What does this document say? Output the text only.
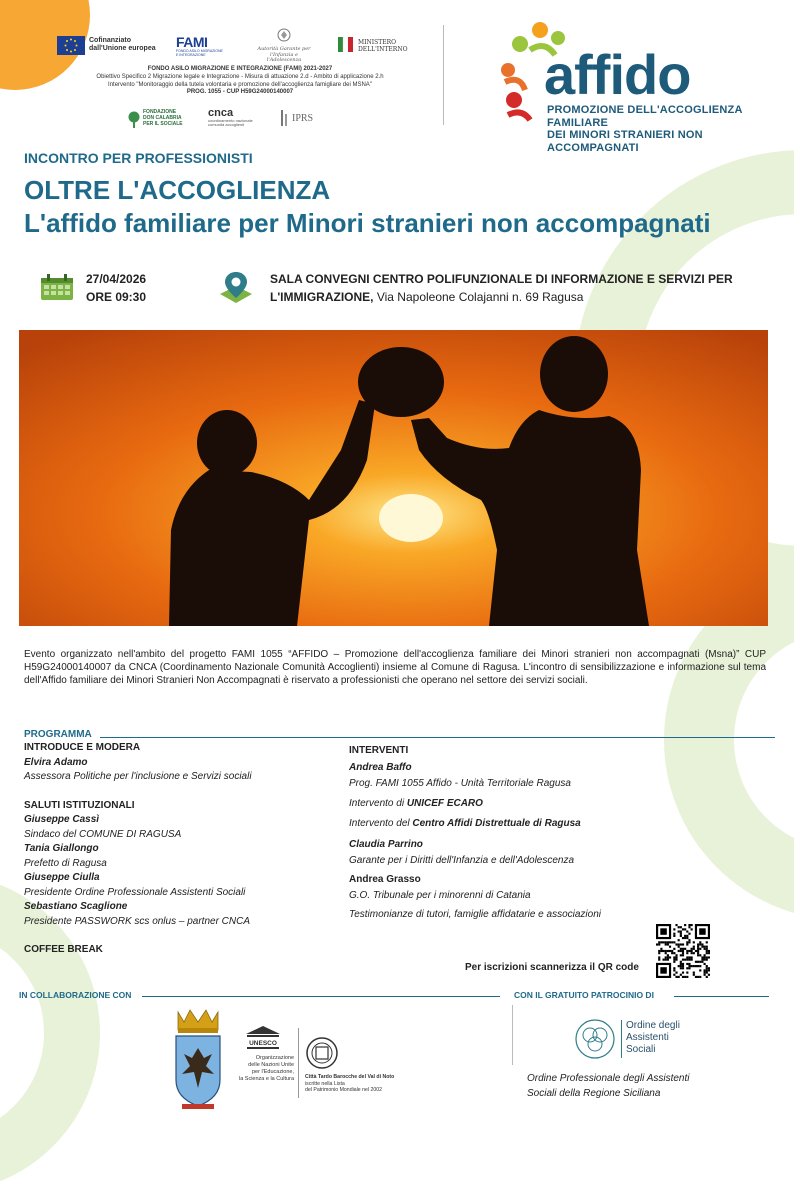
Cofinanziato dall'Unione europea FAMI
FONDO ASILO MIGRAZIONE E INTEGRAZIONE
Autorità Garante per l'Infanzia e l'Adolescenza
MINISTERO DELL'INTERNO
FONDO ASILO MIGRAZIONE E INTEGRAZIONE (FAMI) 2021-2027
Obiettivo Specifico 2 Migrazione legale e Integrazione - Misura di attuazione 2.d - Ambito di applicazione 2.h
Intervento "Monitoraggio della tutela volontaria e promozione dell'accoglienza famigliare dei MSNA"
PROG. 1055 - CUP H59G24000140007
FONDAZIONE DON CALABRIA PER IL SOCIALE
cnca
coordinamento nazionale comunità accoglienti
IPRS
affido
PROMOZIONE DELL'ACCOGLIENZA FAMILIARE
DEI MINORI STRANIERI NON ACCOMPAGNATI
INCONTRO PER PROFESSIONISTI
OLTRE L'ACCOGLIENZA
L'affido familiare per Minori stranieri non accompagnati
27/04/2026
ORE 09:30
SALA CONVEGNI CENTRO POLIFUNZIONALE DI INFORMAZIONE E SERVIZI PER
L'IMMIGRAZIONE, Via Napoleone Colajanni n. 69 Ragusa
Evento organizzato nell'ambito del progetto FAMI 1055 “AFFIDO – Promozione dell'accoglienza familiare dei Minori stranieri non accompagnati (Msna)” CUP H59G24000140007 da CNCA (Coordinamento Nazionale Comunità Accoglienti) insieme al Comune di Ragusa. L'incontro di sensibilizzazione e informazione sul tema dell'Affido familiare dei Minori Stranieri Non Accompagnati è riservato a professionisti che operano nel settore dei servizi sociali.
PROGRAMMA
INTRODUCE E MODERA
Elvira Adamo
Assessora Politiche per l'inclusione e Servizi sociali
SALUTI ISTITUZIONALI
Giuseppe Cassì
Sindaco del COMUNE DI RAGUSA
Tania Giallongo
Prefetto di Ragusa
Giuseppe Ciulla
Presidente Ordine Professionale Assistenti Sociali
Sebastiano Scaglione
Presidente PASSWORK scs onlus – partner CNCA
COFFEE BREAK
INTERVENTI
Andrea Baffo
Prog. FAMI 1055 Affido - Unità Territoriale Ragusa
Intervento di UNICEF ECARO
Intervento del Centro Affidi Distrettuale di Ragusa
Claudia Parrino
Garante per i Diritti dell'Infanzia e dell'Adolescenza
Andrea Grasso
G.O. Tribunale per i minorenni di Catania
Testimonianze di tutori, famiglie affidatarie e associazioni
Per iscrizioni scannerizza il QR code
IN COLLABORAZIONE CON	CON IL GRATUITO PATROCINIO DI
UNESCO
Organizzazione
delle Nazioni Unite
per l'Educazione,
la Scienza e la Cultura Città Tardo Barocche del Val di Noto
iscritte nella Lista
del Patrimonio Mondiale nel 2002
Ordine degli
Assistenti
Sociali
Ordine Professionale degli Assistenti
Sociali della Regione Siciliana
